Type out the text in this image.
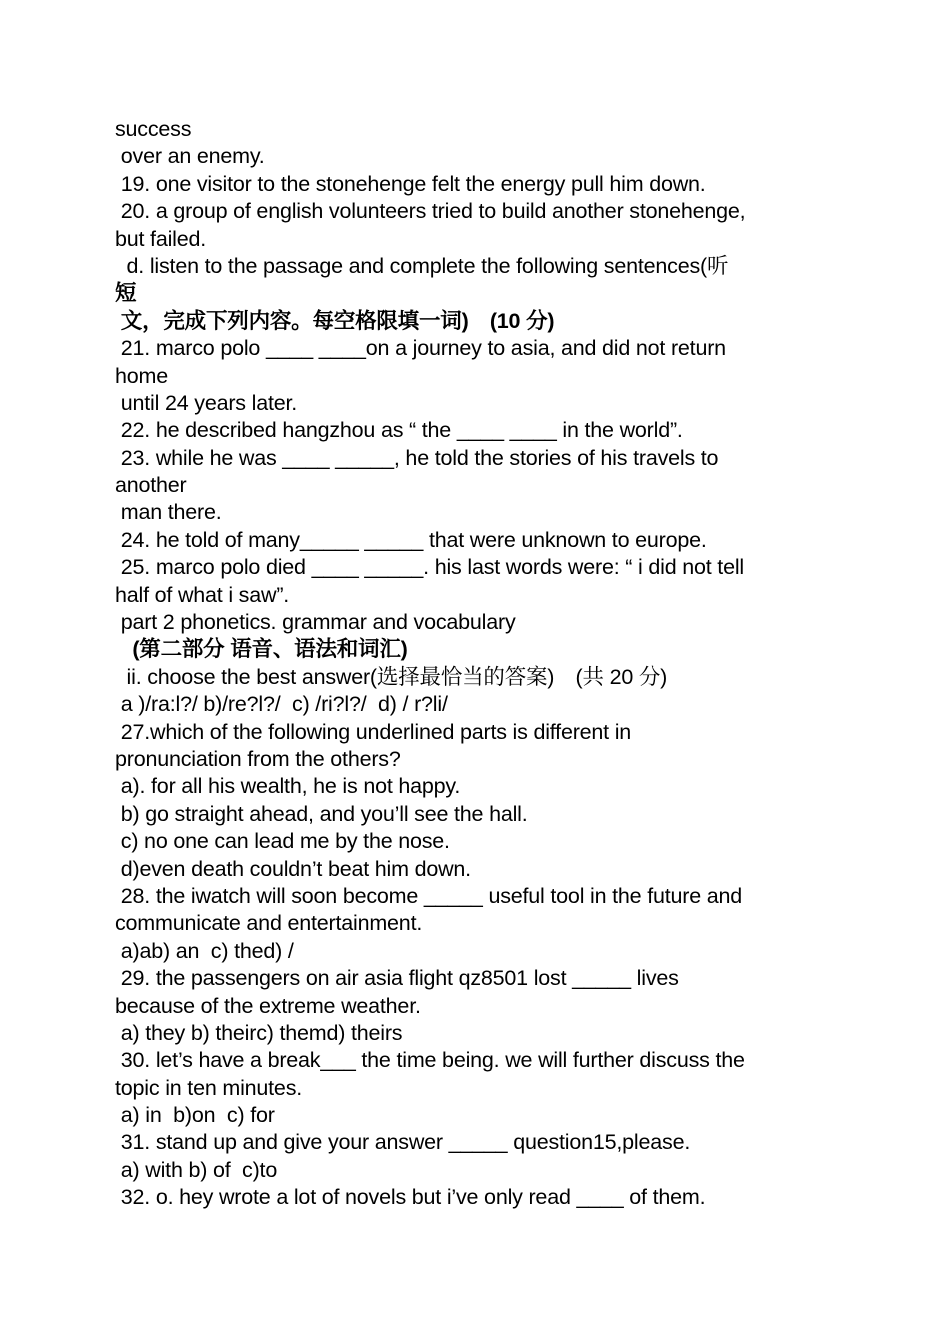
success
over an enemy.
19. one visitor to the stonehenge felt the energy pull him down.
20. a group of english volunteers tried to build another stonehenge,
but failed.
d. listen to the passage and complete the following sentences(听
短
文，完成下列内容。每空格限填一词)　(10 分)
21. marco polo ____ ____on a journey to asia, and did not return
home
until 24 years later.
22. he described hangzhou as “ the ____ ____ in the world”.
23. while he was ____ _____, he told the stories of his travels to
another
man there.
24. he told of many_____ _____ that were unknown to europe.
25. marco polo died ____ _____. his last words were: “ i did not tell
half of what i saw”.
part 2 phonetics. grammar and vocabulary
(第二部分 语音、语法和词汇)
ii. choose the best answer(选择最恰当的答案)　(共 20 分)
a )/ra:l?/ b)/re?l?/  c) /ri?l?/  d) / r?li/
27.which of the following underlined parts is different in
pronunciation from the others?
a). for all his wealth, he is not happy.
b) go straight ahead, and you’ll see the hall.
c) no one can lead me by the nose.
d)even death couldn’t beat him down.
28. the iwatch will soon become _____ useful tool in the future and
communicate and entertainment.
a)ab) an  c) thed) /
29. the passengers on air asia flight qz8501 lost _____ lives
because of the extreme weather.
a) they b) theirc) themd) theirs
30. let’s have a break___ the time being. we will further discuss the
topic in ten minutes.
a) in  b)on  c) for
31. stand up and give your answer _____ question15,please.
a) with b) of  c)to
32. o. hey wrote a lot of novels but i’ve only read ____ of them.
